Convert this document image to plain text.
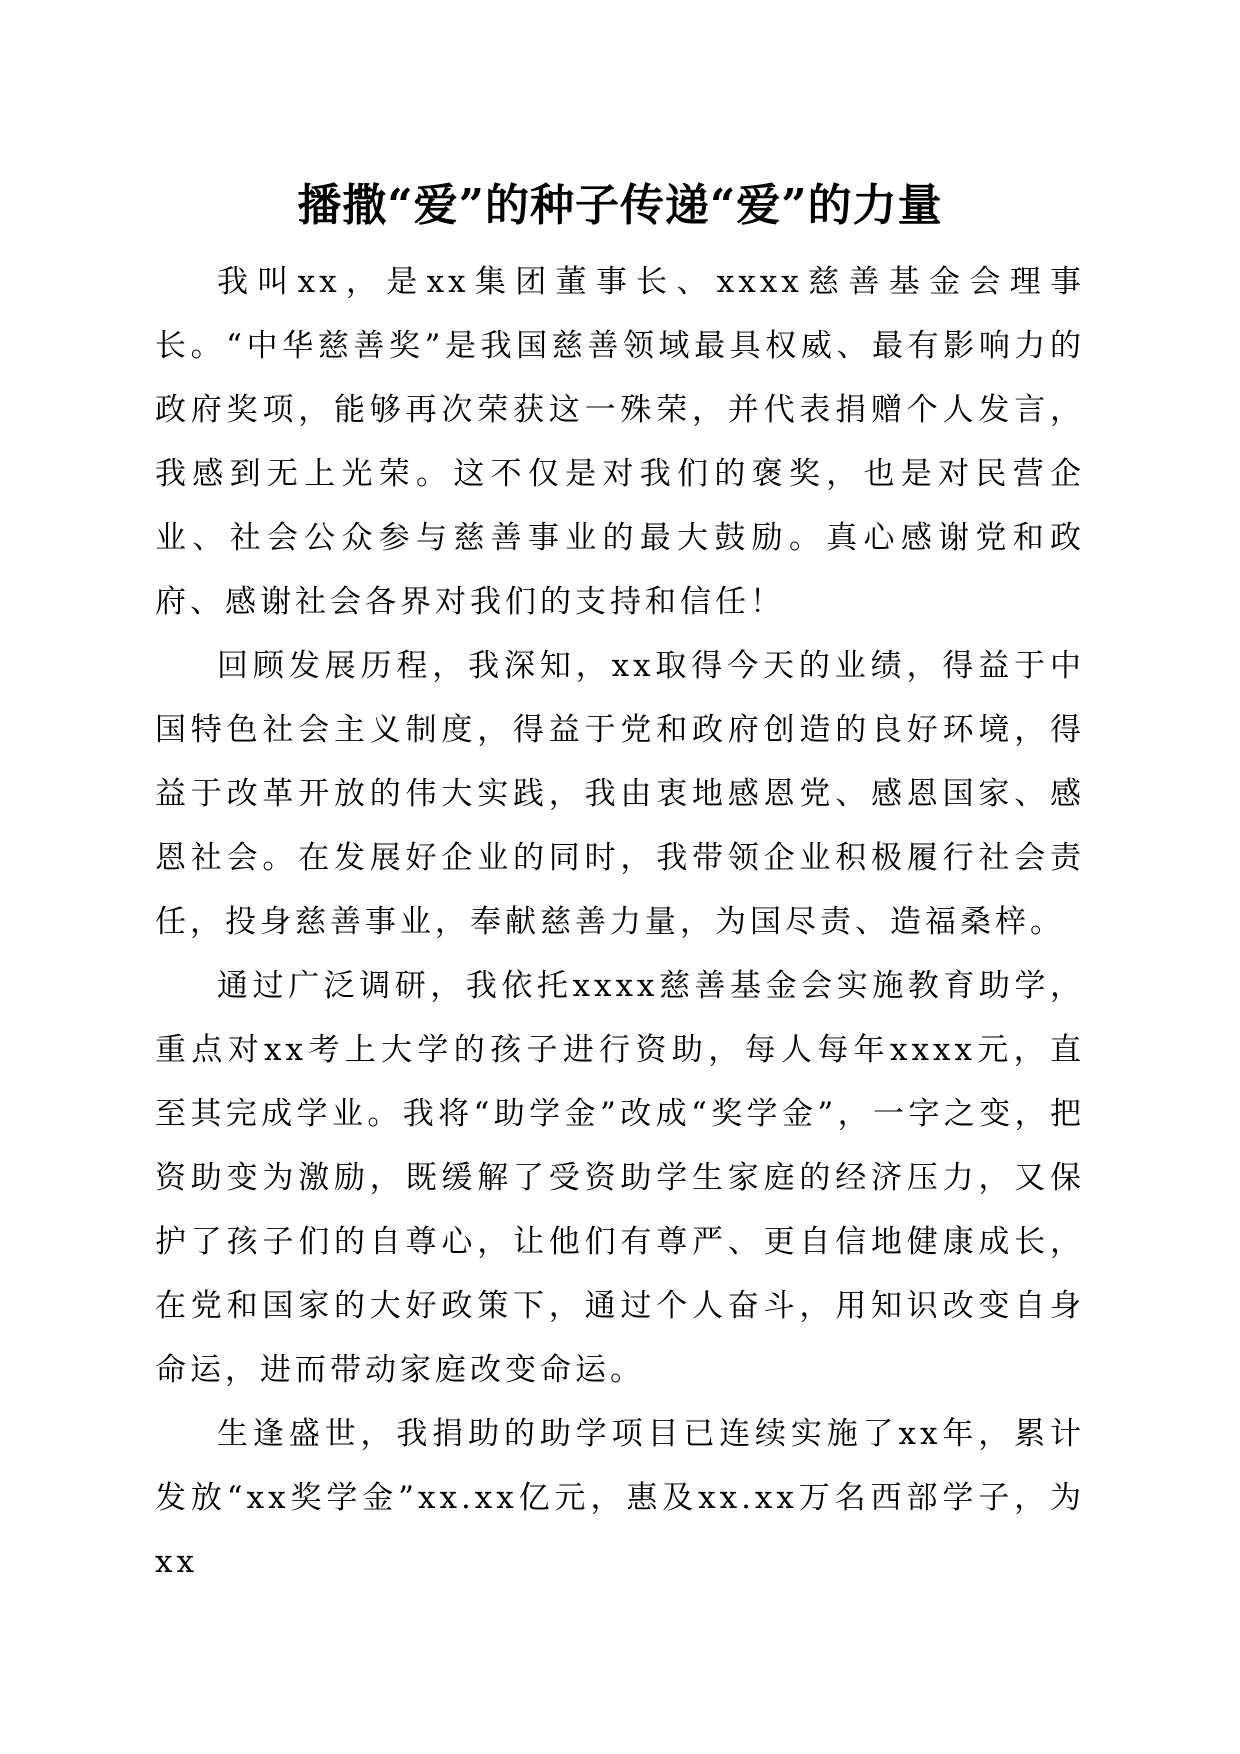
播撒“爱”的种子传递“爱”的力量

我叫xx，是xx集团董事长、xxxx慈善基金会理事长。“中华慈善奖”是我国慈善领域最具权威、最有影响力的政府奖项，能够再次荣获这一殊荣，并代表捐赠个人发言，我感到无上光荣。这不仅是对我们的褒奖，也是对民营企业、社会公众参与慈善事业的最大鼓励。真心感谢党和政府、感谢社会各界对我们的支持和信任！

回顾发展历程，我深知，xx取得今天的业绩，得益于中国特色社会主义制度，得益于党和政府创造的良好环境，得益于改革开放的伟大实践，我由衷地感恩党、感恩国家、感恩社会。在发展好企业的同时，我带领企业积极履行社会责任，投身慈善事业，奉献慈善力量，为国尽责、造福桑梓。

通过广泛调研，我依托xxxx慈善基金会实施教育助学，重点对xx考上大学的孩子进行资助，每人每年xxxx元，直至其完成学业。我将“助学金”改成“奖学金”，一字之变，把资助变为激励，既缓解了受资助学生家庭的经济压力，又保护了孩子们的自尊心，让他们有尊严、更自信地健康成长，在党和国家的大好政策下，通过个人奋斗，用知识改变自身命运，进而带动家庭改变命运。

生逢盛世，我捐助的助学项目已连续实施了xx年，累计发放“xx奖学金”xx.xx亿元，惠及xx.xx万名西部学子，为xx
